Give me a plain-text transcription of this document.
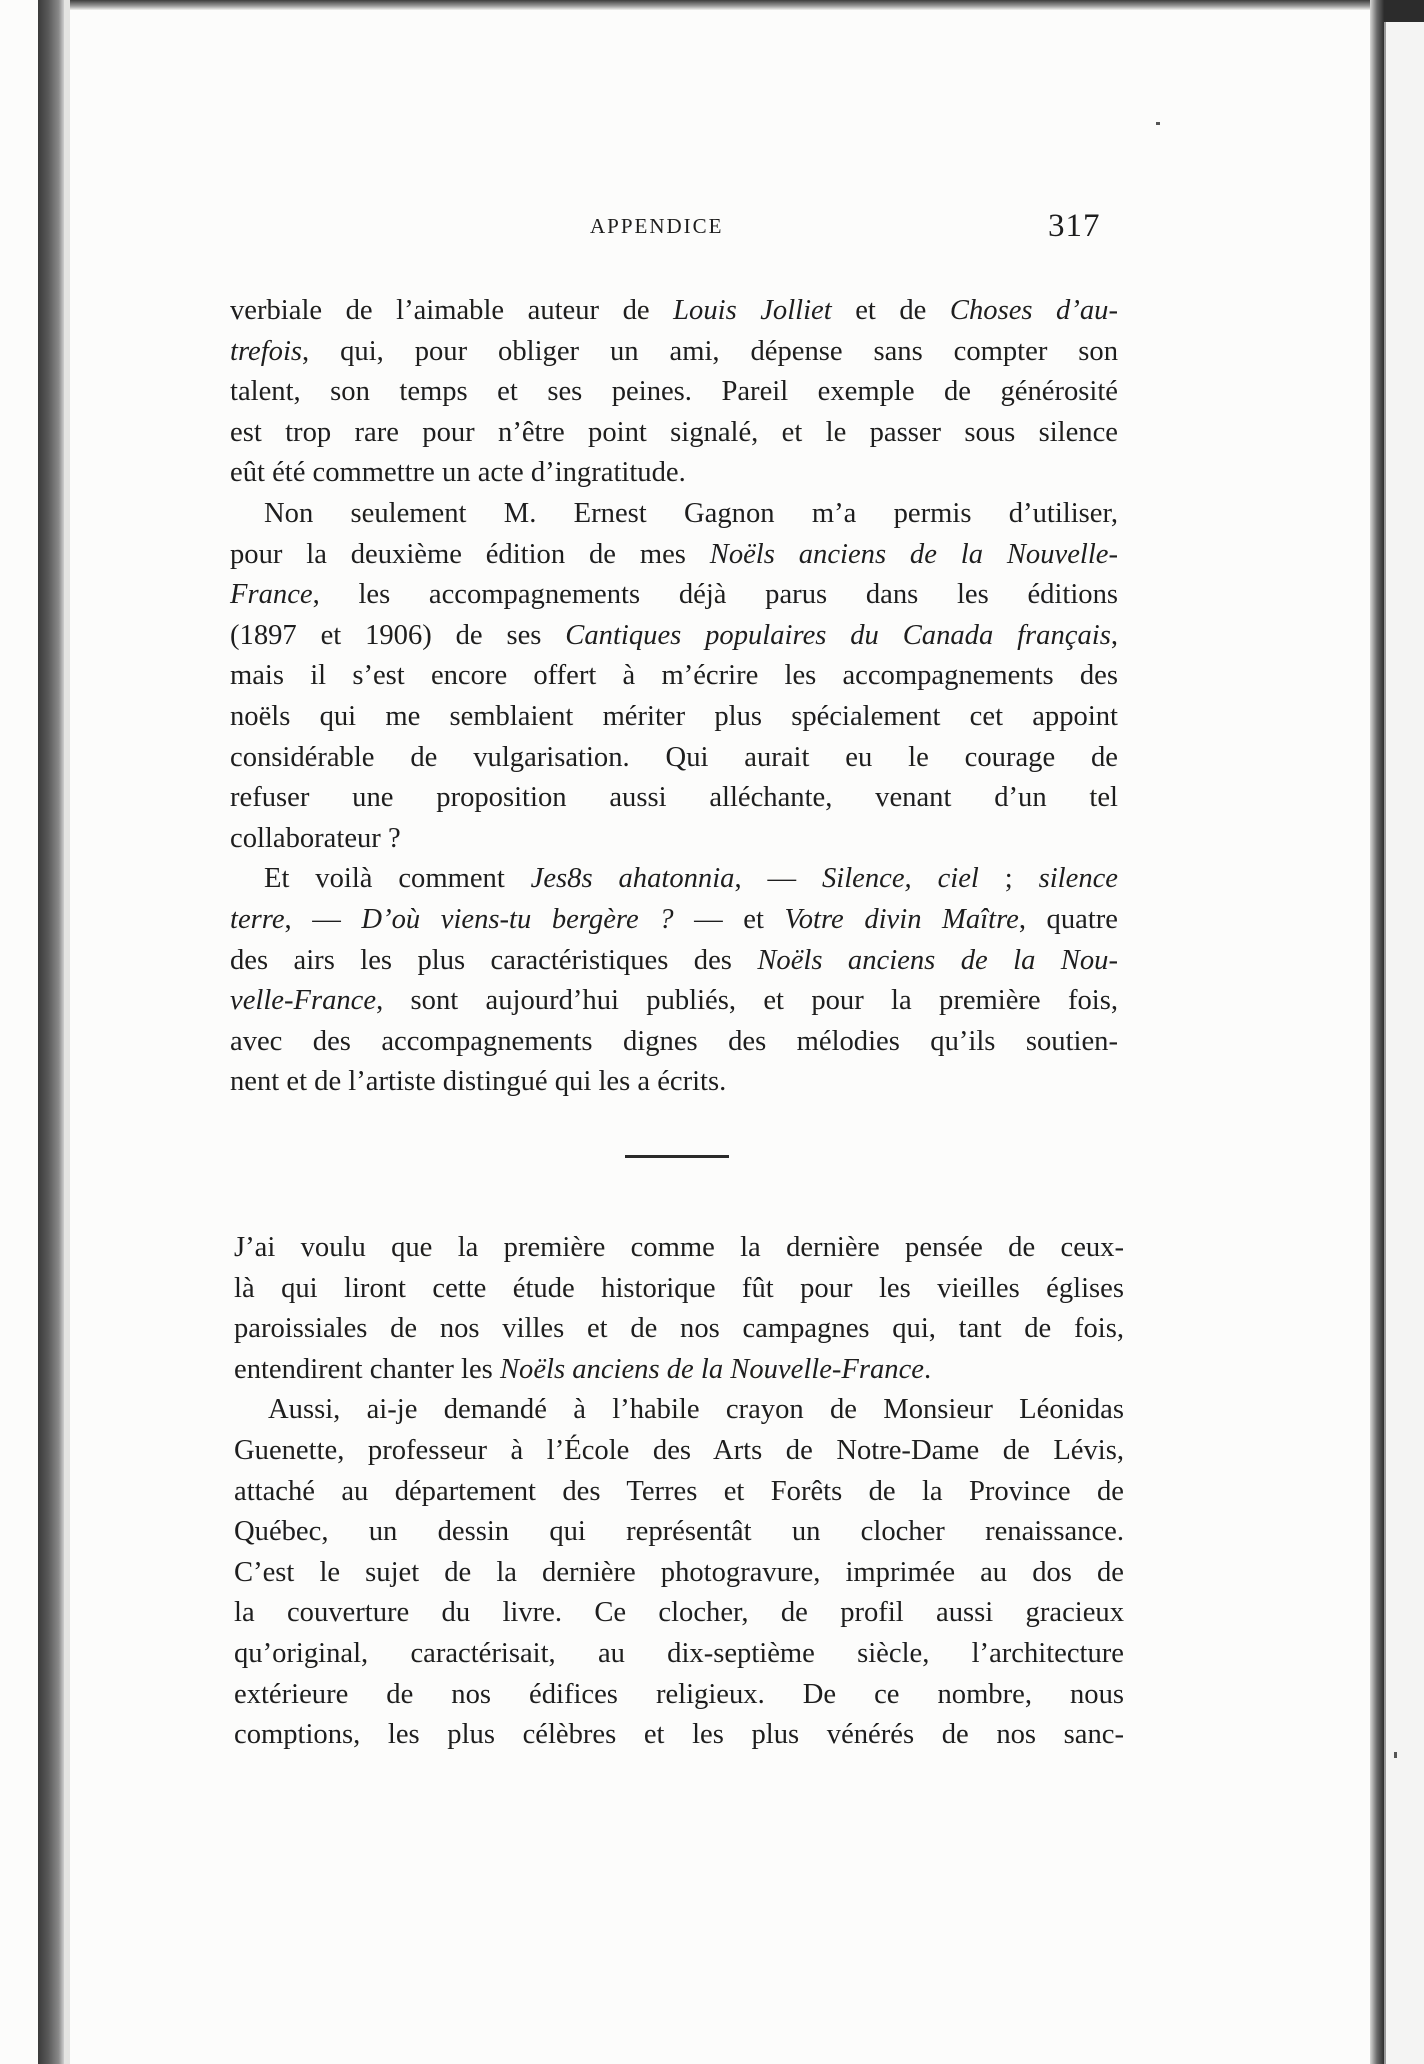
APPENDICE	317
verbiale de l’aimable auteur de Louis Jolliet et de Choses d’au-
trefois, qui, pour obliger un ami, dépense sans compter son
talent, son temps et ses peines. Pareil exemple de générosité
est trop rare pour n’être point signalé, et le passer sous silence
eût été commettre un acte d’ingratitude.
Non seulement M. Ernest Gagnon m’a permis d’utiliser,
pour la deuxième édition de mes Noëls anciens de la Nouvelle-
France, les accompagnements déjà parus dans les éditions
(1897 et 1906) de ses Cantiques populaires du Canada français,
mais il s’est encore offert à m’écrire les accompagnements des
noëls qui me semblaient mériter plus spécialement cet appoint
considérable de vulgarisation. Qui aurait eu le courage de
refuser une proposition aussi alléchante, venant d’un tel
collaborateur ?
Et voilà comment Jes8s ahatonnia, — Silence, ciel ; silence
terre, — D’où viens-tu bergère ? — et Votre divin Maître, quatre
des airs les plus caractéristiques des Noëls anciens de la Nou-
velle-France, sont aujourd’hui publiés, et pour la première fois,
avec des accompagnements dignes des mélodies qu’ils soutien-
nent et de l’artiste distingué qui les a écrits.
J’ai voulu que la première comme la dernière pensée de ceux-
là qui liront cette étude historique fût pour les vieilles églises
paroissiales de nos villes et de nos campagnes qui, tant de fois,
entendirent chanter les Noëls anciens de la Nouvelle-France.
Aussi, ai-je demandé à l’habile crayon de Monsieur Léonidas
Guenette, professeur à l’École des Arts de Notre-Dame de Lévis,
attaché au département des Terres et Forêts de la Province de
Québec, un dessin qui représentât un clocher renaissance.
C’est le sujet de la dernière photogravure, imprimée au dos de
la couverture du livre. Ce clocher, de profil aussi gracieux
qu’original, caractérisait, au dix-septième siècle, l’architecture
extérieure de nos édifices religieux. De ce nombre, nous
comptions, les plus célèbres et les plus vénérés de nos sanc-
